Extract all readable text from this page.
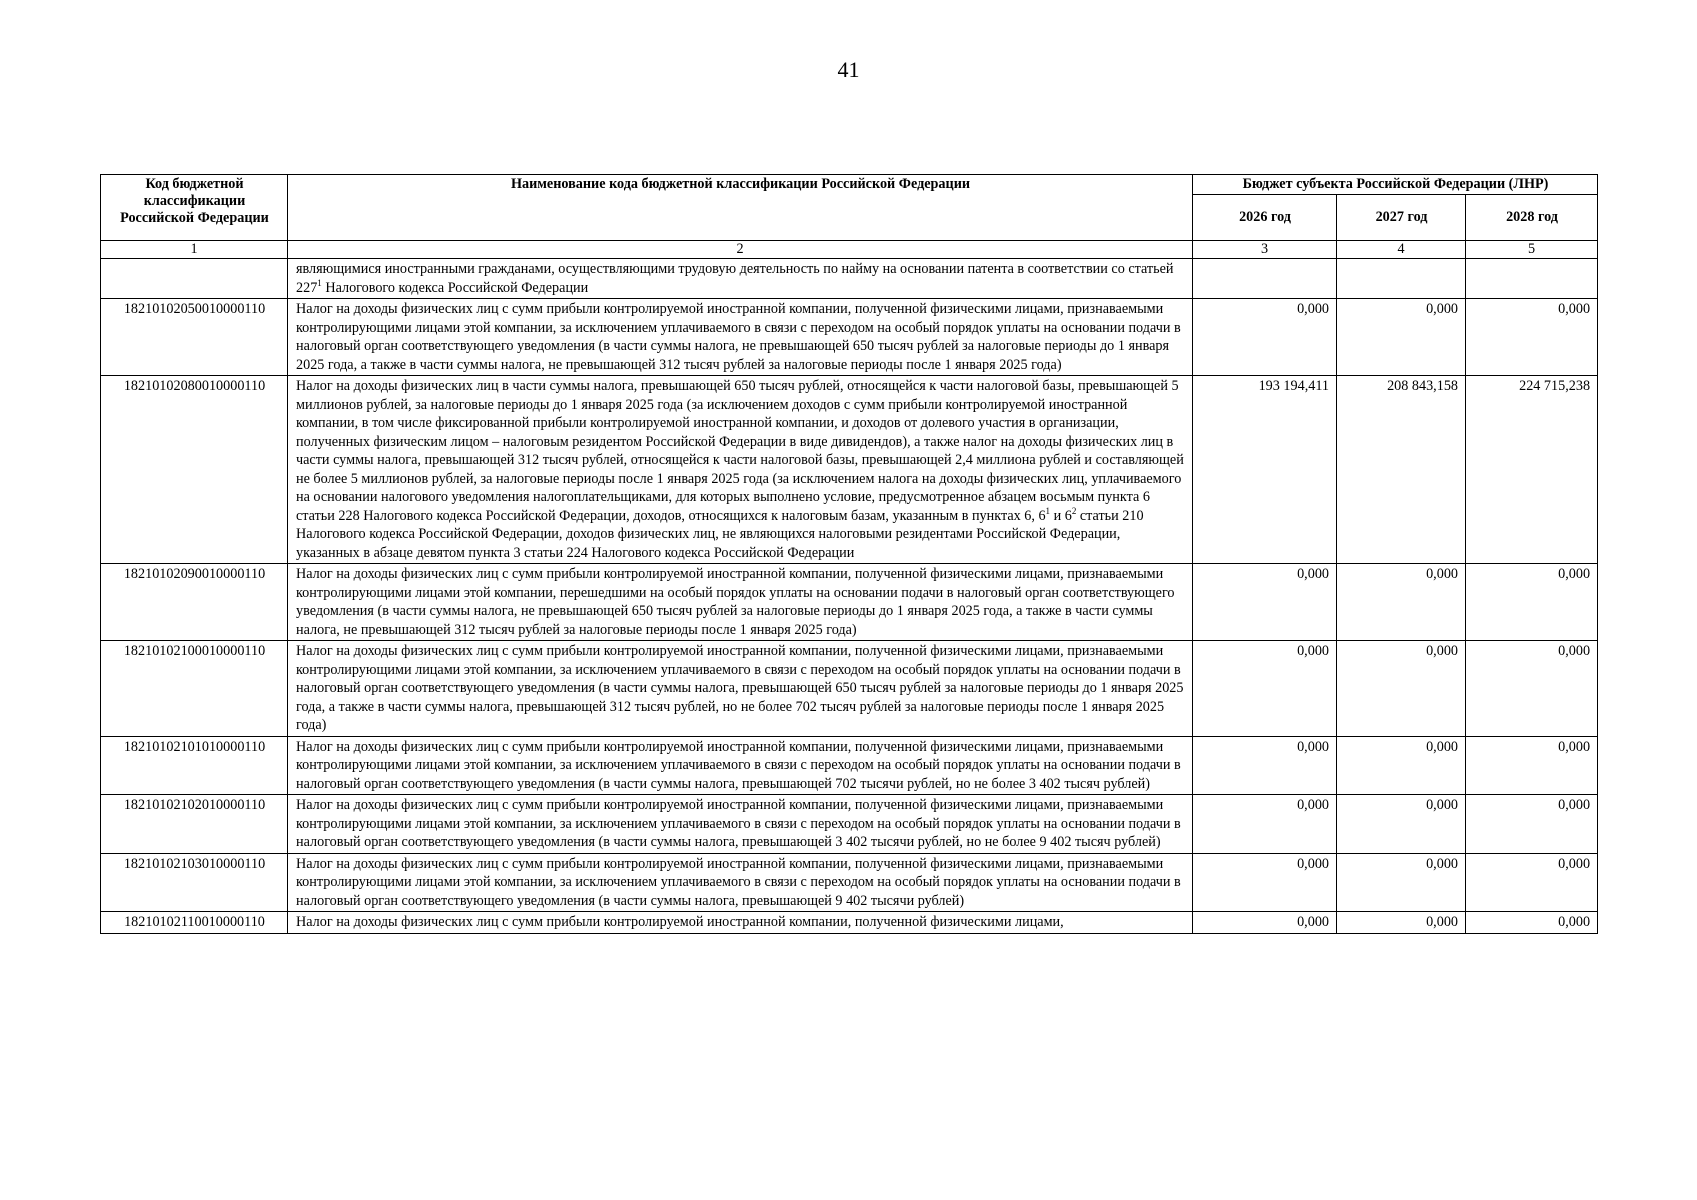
41
Код бюджетной классификации Российской Федерации	Наименование кода бюджетной классификации Российской Федерации	Бюджет субъекта Российской Федерации (ЛНР)		
		2026 год	2027 год	2028 год
1	2	3	4	5
	являющимися иностранными гражданами, осуществляющими трудовую деятельность по найму на основании патента в соответствии со статьей $227^1$ Налогового кодекса Российской Федерации			
18210102050010000110	Налог на доходы физических лиц с сумм прибыли контролируемой иностранной компании, полученной физическими лицами, признаваемыми контролирующими лицами этой компании, за исключением уплачиваемого в связи с переходом на особый порядок уплаты на основании подачи в налоговый орган соответствующего уведомления (в части суммы налога, не превышающей 650 тысяч рублей за налоговые периоды до 1 января 2025 года, а также в части суммы налога, не превышающей 312 тысяч рублей за налоговые периоды после 1 января 2025 года)	0,000	0,000	0,000
18210102080010000110	Налог на доходы физических лиц в части суммы налога, превышающей 650 тысяч рублей, относящейся к части налоговой базы, превышающей 5 миллионов рублей, за налоговые периоды до 1 января 2025 года (за исключением доходов с сумм прибыли контролируемой иностранной компании, в том числе фиксированной прибыли контролируемой иностранной компании, и доходов от долевого участия в организации, полученных физическим лицом – налоговым резидентом Российской Федерации в виде дивидендов), а также налог на доходы физических лиц в части суммы налога, превышающей 312 тысяч рублей, относящейся к части налоговой базы, превышающей 2,4 миллиона рублей и составляющей не более 5 миллионов рублей, за налоговые периоды после 1 января 2025 года (за исключением налога на доходы физических лиц, уплачиваемого на основании налогового уведомления налогоплательщиками, для которых выполнено условие, предусмотренное абзацем восьмым пункта 6 статьи 228 Налогового кодекса Российской Федерации, доходов, относящихся к налоговым базам, указанным в пунктах 6, $6^1$ и $6^2$ статьи 210 Налогового кодекса Российской Федерации, доходов физических лиц, не являющихся налоговыми резидентами Российской Федерации, указанных в абзаце девятом пункта 3 статьи 224 Налогового кодекса Российской Федерации	193 194,411	208 843,158	224 715,238
18210102090010000110	Налог на доходы физических лиц с сумм прибыли контролируемой иностранной компании, полученной физическими лицами, признаваемыми контролирующими лицами этой компании, перешедшими на особый порядок уплаты на основании подачи в налоговый орган соответствующего уведомления (в части суммы налога, не превышающей 650 тысяч рублей за налоговые периоды до 1 января 2025 года, а также в части суммы налога, не превышающей 312 тысяч рублей за налоговые периоды после 1 января 2025 года)	0,000	0,000	0,000
18210102100010000110	Налог на доходы физических лиц с сумм прибыли контролируемой иностранной компании, полученной физическими лицами, признаваемыми контролирующими лицами этой компании, за исключением уплачиваемого в связи с переходом на особый порядок уплаты на основании подачи в налоговый орган соответствующего уведомления (в части суммы налога, превышающей 650 тысяч рублей за налоговые периоды до 1 января 2025 года, а также в части суммы налога, превышающей 312 тысяч рублей, но не более 702 тысяч рублей за налоговые периоды после 1 января 2025 года)	0,000	0,000	0,000
18210102101010000110	Налог на доходы физических лиц с сумм прибыли контролируемой иностранной компании, полученной физическими лицами, признаваемыми контролирующими лицами этой компании, за исключением уплачиваемого в связи с переходом на особый порядок уплаты на основании подачи в налоговый орган соответствующего уведомления (в части суммы налога, превышающей 702 тысячи рублей, но не более 3 402 тысяч рублей)	0,000	0,000	0,000
18210102102010000110	Налог на доходы физических лиц с сумм прибыли контролируемой иностранной компании, полученной физическими лицами, признаваемыми контролирующими лицами этой компании, за исключением уплачиваемого в связи с переходом на особый порядок уплаты на основании подачи в налоговый орган соответствующего уведомления (в части суммы налога, превышающей 3 402 тысячи рублей, но не более 9 402 тысяч рублей)	0,000	0,000	0,000
18210102103010000110	Налог на доходы физических лиц с сумм прибыли контролируемой иностранной компании, полученной физическими лицами, признаваемыми контролирующими лицами этой компании, за исключением уплачиваемого в связи с переходом на особый порядок уплаты на основании подачи в налоговый орган соответствующего уведомления (в части суммы налога, превышающей 9 402 тысячи рублей)	0,000	0,000	0,000
18210102110010000110	Налог на доходы физических лиц с сумм прибыли контролируемой иностранной компании, полученной физическими лицами,	0,000	0,000	0,000
